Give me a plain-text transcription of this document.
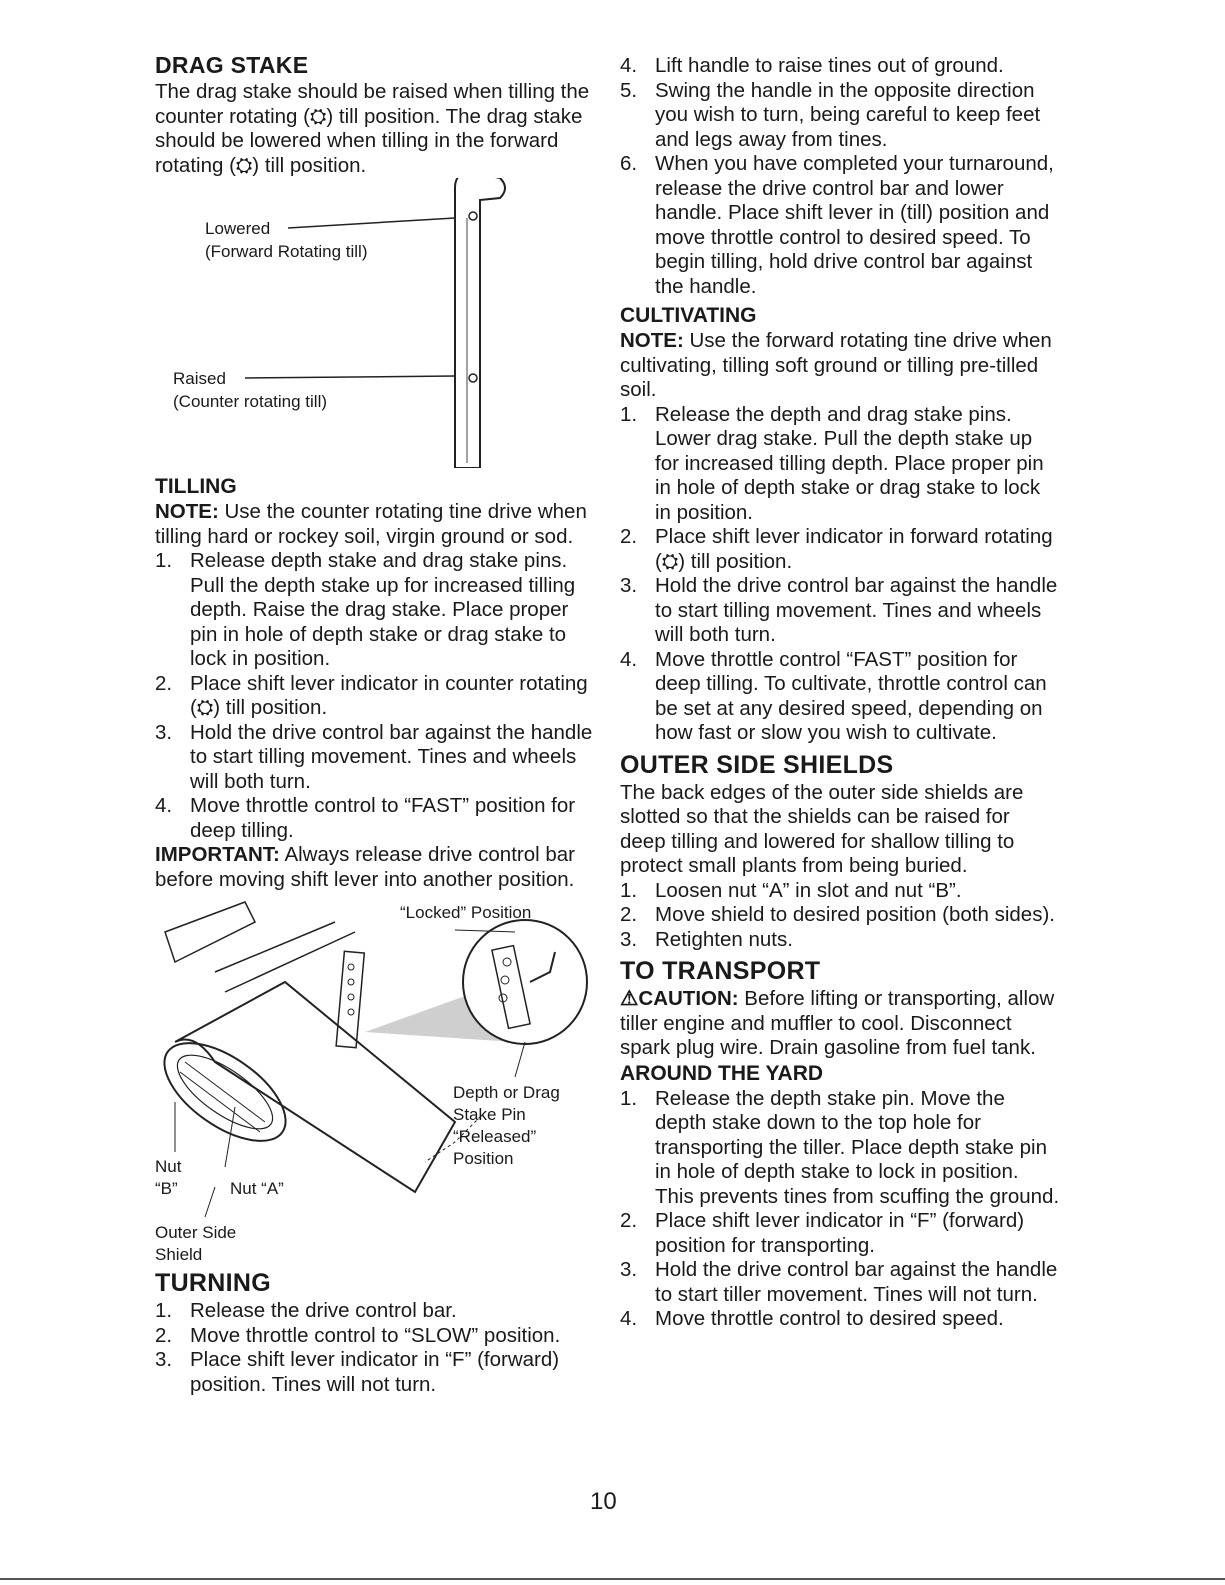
DRAG STAKE

The drag stake should be raised when tilling the counter rotating (⛭) till position. The drag stake should be lowered when tilling in the forward rotating (⛭) till position.

Lowered
(Forward Rotating till)
Raised
(Counter rotating till)
TILLING

NOTE: Use the counter rotating tine drive when tilling hard or rockey soil, virgin ground or sod.

1. Release depth stake and drag stake pins. Pull the depth stake up for increased tilling depth. Raise the drag stake. Place proper pin in hole of depth stake or drag stake to lock in position.
2. Place shift lever indicator in counter rotating (⛭) till position.
3. Hold the drive control bar against the handle to start tilling movement. Tines and wheels will both turn.
4. Move throttle control to “FAST” position for deep tilling.

IMPORTANT: Always release drive control bar before moving shift lever into another position.

“Locked” Position
Depth or Drag
Stake Pin
“Released”
Position
Nut
“B”	Nut “A”
Outer Side
Shield
TURNING
1. Release the drive control bar.
2. Move throttle control to “SLOW” position.
3. Place shift lever indicator in “F” (forward) position. Tines will not turn.
4. Lift handle to raise tines out of ground.
5. Swing the handle in the opposite direction you wish to turn, being careful to keep feet and legs away from tines.
6. When you have completed your turnaround, release the drive control bar and lower handle. Place shift lever in (till) position and move throttle control to desired speed. To begin tilling, hold drive control bar against the handle.
CULTIVATING

NOTE: Use the forward rotating tine drive when cultivating, tilling soft ground or tilling pre-tilled soil.

1. Release the depth and drag stake pins. Lower drag stake. Pull the depth stake up for increased tilling depth. Place proper pin in hole of depth stake or drag stake to lock in position.
2. Place shift lever indicator in forward rotating (⛭) till position.
3. Hold the drive control bar against the handle to start tilling movement. Tines and wheels will both turn.
4. Move throttle control “FAST” position for deep tilling. To cultivate, throttle control can be set at any desired speed, depending on how fast or slow you wish to cultivate.
OUTER SIDE SHIELDS

The back edges of the outer side shields are slotted so that the shields can be raised for deep tilling and lowered for shallow tilling to protect small plants from being buried.

1. Loosen nut “A” in slot and nut “B”.
2. Move shield to desired position (both sides).
3. Retighten nuts.
TO TRANSPORT

⚠CAUTION: Before lifting or transporting, allow tiller engine and muffler to cool. Disconnect spark plug wire. Drain gasoline from fuel tank.

AROUND THE YARD
1. Release the depth stake pin. Move the depth stake down to the top hole for transporting the tiller. Place depth stake pin in hole of depth stake to lock in position. This prevents tines from scuffing the ground.
2. Place shift lever indicator in “F” (forward) position for transporting.
3. Hold the drive control bar against the handle to start tiller movement. Tines will not turn.
4. Move throttle control to desired speed.
10
